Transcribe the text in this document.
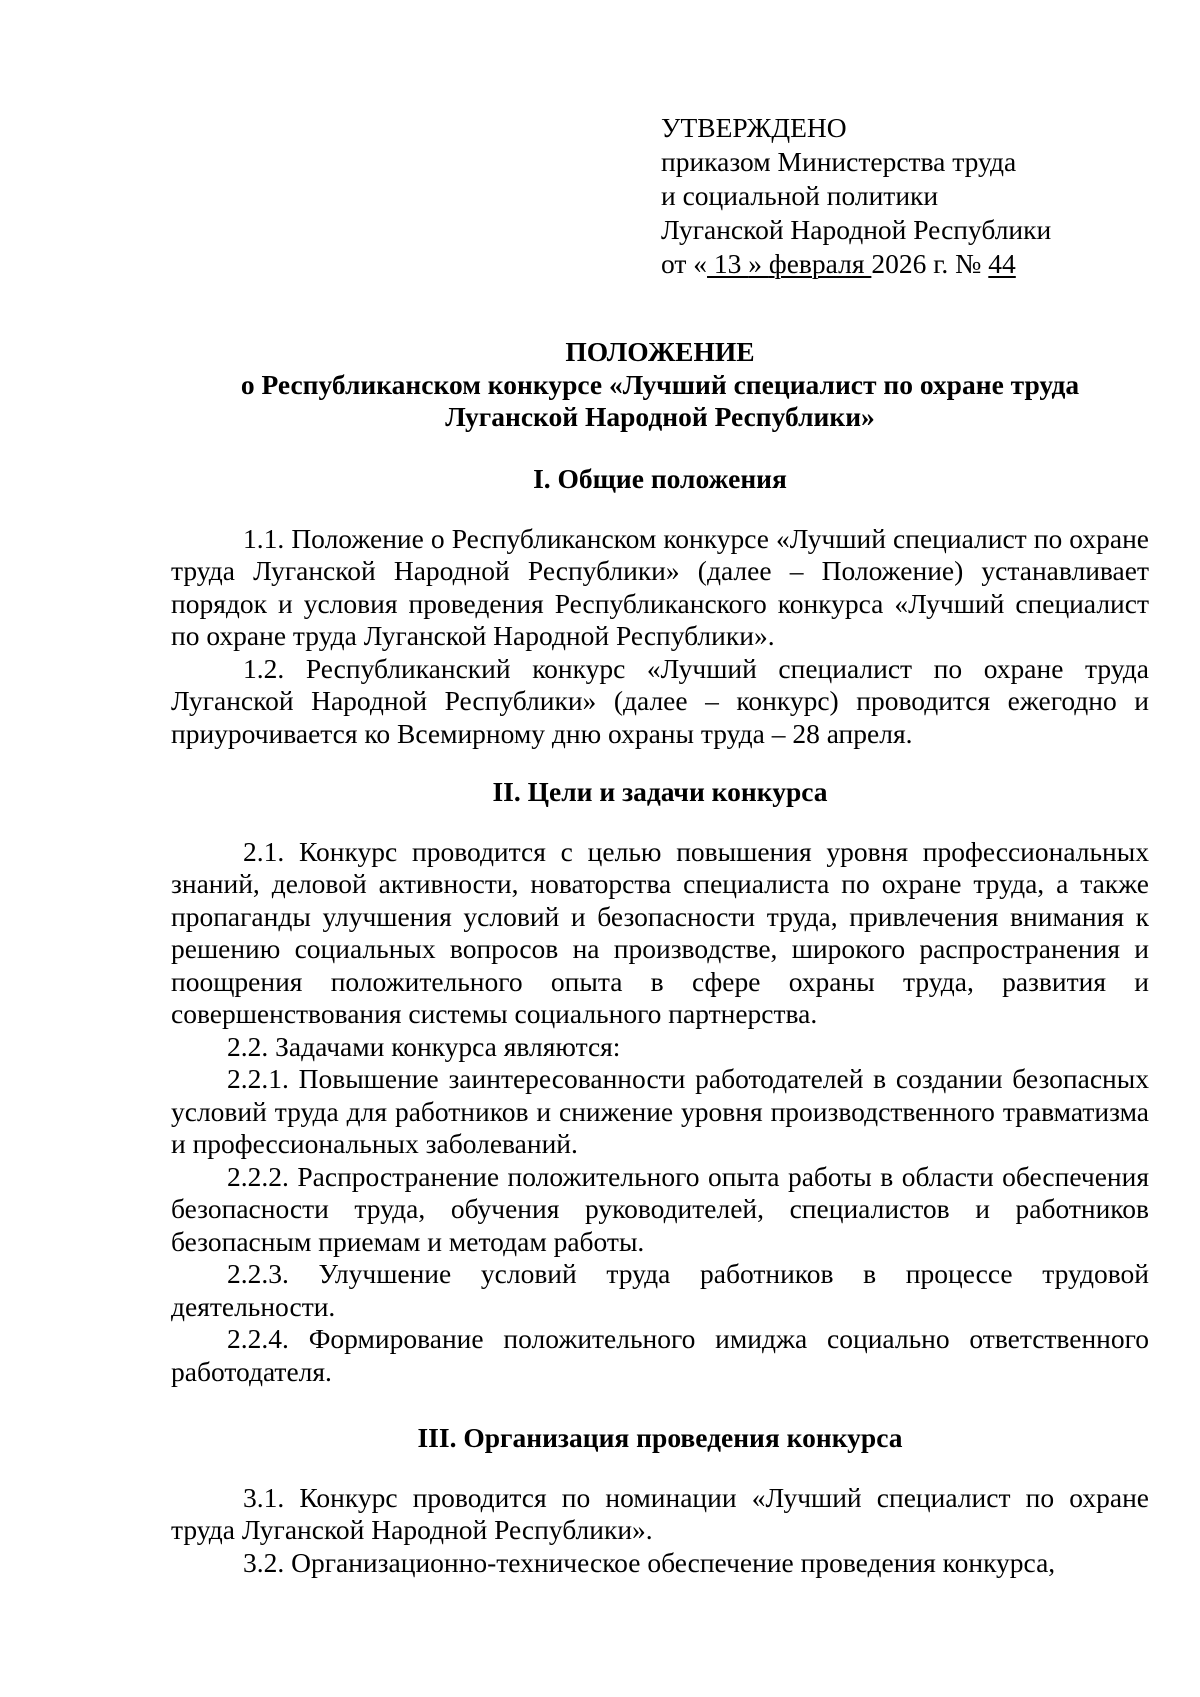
УТВЕРЖДЕНО
приказом Министерства труда
и социальной политики
Луганской Народной Республики
от « 13 » февраля 2026 г. № 44
ПОЛОЖЕНИЕ
о Республиканском конкурсе «Лучший специалист по охране труда
Луганской Народной Республики»
I. Общие положения

1.1. Положение о Республиканском конкурсе «Лучший специалист по охране труда Луганской Народной Республики» (далее – Положение) устанавливает порядок и условия проведения Республиканского конкурса «Лучший специалист по охране труда Луганской Народной Республики».

1.2. Республиканский конкурс «Лучший специалист по охране труда Луганской Народной Республики» (далее – конкурс) проводится ежегодно и приурочивается ко Всемирному дню охраны труда – 28 апреля.

II. Цели и задачи конкурса

2.1. Конкурс проводится с целью повышения уровня профессиональных знаний, деловой активности, новаторства специалиста по охране труда, а также пропаганды улучшения условий и безопасности труда, привлечения внимания к решению социальных вопросов на производстве, широкого распространения и поощрения положительного опыта в сфере охраны труда, развития и совершенствования системы социального партнерства.

2.2. Задачами конкурса являются:

2.2.1. Повышение заинтересованности работодателей в создании безопасных условий труда для работников и снижение уровня производственного травматизма и профессиональных заболеваний.

2.2.2. Распространение положительного опыта работы в области обеспечения безопасности труда, обучения руководителей, специалистов и работников безопасным приемам и методам работы.

2.2.3. Улучшение условий труда работников в процессе трудовой деятельности.

2.2.4. Формирование положительного имиджа социально ответственного работодателя.

III. Организация проведения конкурса

3.1. Конкурс проводится по номинации «Лучший специалист по охране труда Луганской Народной Республики».

3.2. Организационно-техническое обеспечение проведения конкурса,
